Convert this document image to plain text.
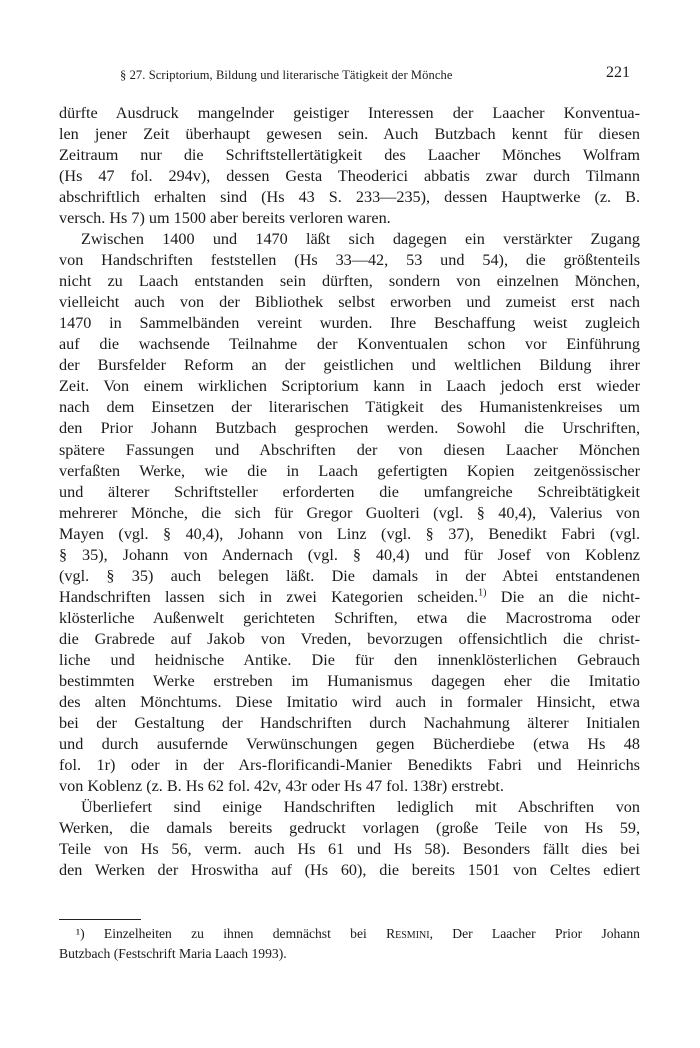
§ 27. Scriptorium, Bildung und literarische Tätigkeit der Mönche	221
dürfte Ausdruck mangelnder geistiger Interessen der Laacher Konventua-
len jener Zeit überhaupt gewesen sein. Auch Butzbach kennt für diesen
Zeitraum nur die Schriftstellertätigkeit des Laacher Mönches Wolfram
(Hs 47 fol. 294v), dessen Gesta Theoderici abbatis zwar durch Tilmann
abschriftlich erhalten sind (Hs 43 S. 233—235), dessen Hauptwerke (z. B.
versch. Hs 7) um 1500 aber bereits verloren waren.
Zwischen 1400 und 1470 läßt sich dagegen ein verstärkter Zugang
von Handschriften feststellen (Hs 33—42, 53 und 54), die größtenteils
nicht zu Laach entstanden sein dürften, sondern von einzelnen Mönchen,
vielleicht auch von der Bibliothek selbst erworben und zumeist erst nach
1470 in Sammelbänden vereint wurden. Ihre Beschaffung weist zugleich
auf die wachsende Teilnahme der Konventualen schon vor Einführung
der Bursfelder Reform an der geistlichen und weltlichen Bildung ihrer
Zeit. Von einem wirklichen Scriptorium kann in Laach jedoch erst wieder
nach dem Einsetzen der literarischen Tätigkeit des Humanistenkreises um
den Prior Johann Butzbach gesprochen werden. Sowohl die Urschriften,
spätere Fassungen und Abschriften der von diesen Laacher Mönchen
verfaßten Werke, wie die in Laach gefertigten Kopien zeitgenössischer
und älterer Schriftsteller erforderten die umfangreiche Schreibtätigkeit
mehrerer Mönche, die sich für Gregor Guolteri (vgl. § 40,4), Valerius von
Mayen (vgl. § 40,4), Johann von Linz (vgl. § 37), Benedikt Fabri (vgl.
§ 35), Johann von Andernach (vgl. § 40,4) und für Josef von Koblenz
(vgl. § 35) auch belegen läßt. Die damals in der Abtei entstandenen
Handschriften lassen sich in zwei Kategorien scheiden.$^{1)}$ Die an die nicht-
klösterliche Außenwelt gerichteten Schriften, etwa die Macrostroma oder
die Grabrede auf Jakob von Vreden, bevorzugen offensichtlich die christ-
liche und heidnische Antike. Die für den innenklösterlichen Gebrauch
bestimmten Werke erstreben im Humanismus dagegen eher die Imitatio
des alten Mönchtums. Diese Imitatio wird auch in formaler Hinsicht, etwa
bei der Gestaltung der Handschriften durch Nachahmung älterer Initialen
und durch ausufernde Verwünschungen gegen Bücherdiebe (etwa Hs 48
fol. 1r) oder in der Ars-florificandi-Manier Benedikts Fabri und Heinrichs
von Koblenz (z. B. Hs 62 fol. 42v, 43r oder Hs 47 fol. 138r) erstrebt.
Überliefert sind einige Handschriften lediglich mit Abschriften von
Werken, die damals bereits gedruckt vorlagen (große Teile von Hs 59,
Teile von Hs 56, verm. auch Hs 61 und Hs 58). Besonders fällt dies bei
den Werken der Hroswitha auf (Hs 60), die bereits 1501 von Celtes ediert
¹) Einzelheiten zu ihnen demnächst bei Resmini, Der Laacher Prior Johann
Butzbach (Festschrift Maria Laach 1993).
